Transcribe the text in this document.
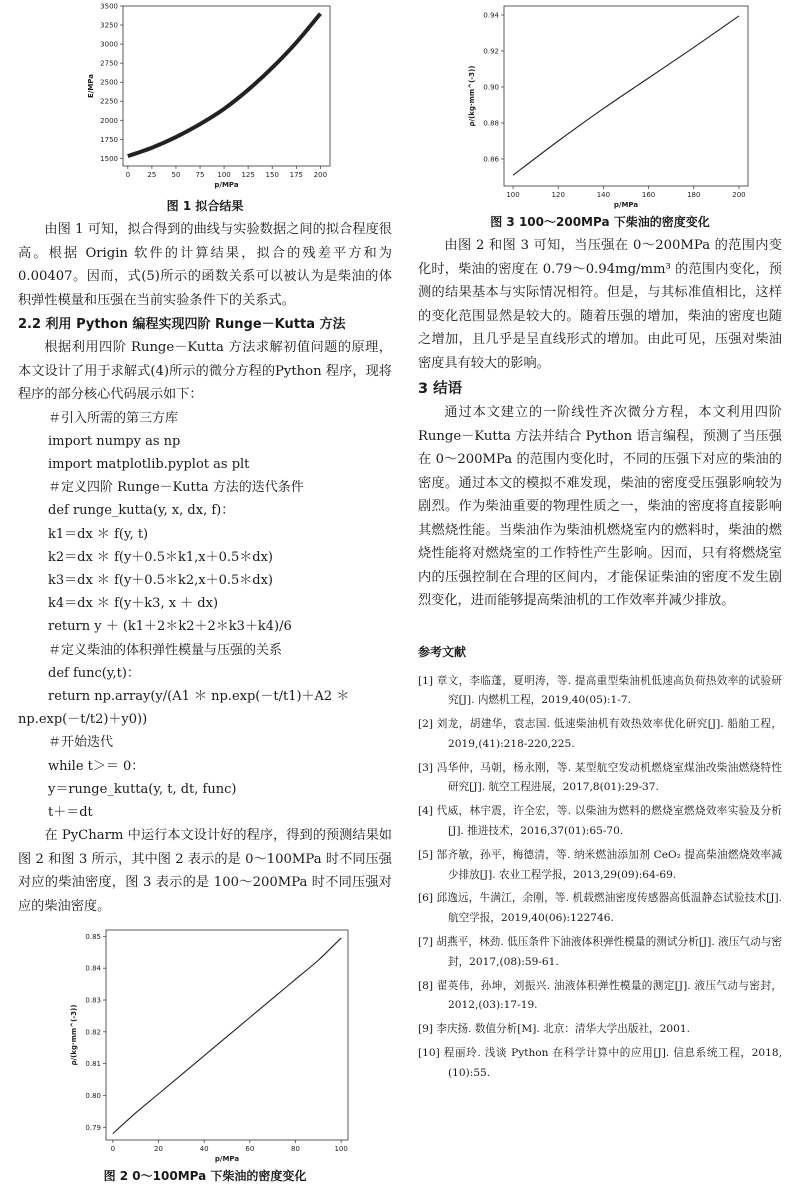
0 25 50 75 100 125 150 175 200
1500
1750
2000
2250
2500
2750
3000
3250
3500
p/MPa
E/MPa
图 1 拟合结果

由图 1 可知，拟合得到的曲线与实验数据之间的拟合程度很高。根据 Origin 软件的计算结果，拟合的残差平方和为 0.00407。因而，式(5)所示的函数关系可以被认为是柴油的体积弹性模量和压强在当前实验条件下的关系式。

2.2 利用 Python 编程实现四阶 Runge－Kutta 方法

根据利用四阶 Runge－Kutta 方法求解初值问题的原理，本文设计了用于求解式(4)所示的微分方程的Python 程序，现将程序的部分核心代码展示如下：

＃引入所需的第三方库
import numpy as np
import matplotlib.pyplot as plt
＃定义四阶 Runge－Kutta 方法的迭代条件
def runge_kutta(y, x, dx, f)：
k1＝dx ＊ f(y, t)
k2＝dx ＊ f(y＋0.5＊k1,x＋0.5＊dx)
k3＝dx ＊ f(y＋0.5＊k2,x＋0.5＊dx)
k4＝dx ＊ f(y＋k3, x ＋ dx)
return y ＋ (k1＋2＊k2＋2＊k3＋k4)/6
＃定义柴油的体积弹性模量与压强的关系
def func(y,t)：
return np.array(y/(A1 ＊ np.exp(－t/t1)＋A2 ＊
np.exp(－t/t2)＋y0))
＃开始迭代
while t＞＝ 0：
y＝runge_kutta(y, t, dt, func)
t＋＝dt

在 PyCharm 中运行本文设计好的程序，得到的预测结果如图 2 和图 3 所示，其中图 2 表示的是 0～100MPa 时不同压强对应的柴油密度，图 3 表示的是 100～200MPa 时不同压强对应的柴油密度。

0	20	40	60	80	100
0.79
0.80
0.81
0.82
0.83
0.84
0.85
p/MPa
ρ/(kg·mm^(-3))
图 2 0～100MPa 下柴油的密度变化
100	120	140	160	180	200
0.86
0.88
0.90
0.92
0.94
p/MPa
ρ/(kg·mm^(-3))
图 3 100～200MPa 下柴油的密度变化

由图 2 和图 3 可知，当压强在 0～200MPa 的范围内变化时，柴油的密度在 0.79～0.94mg/mm³ 的范围内变化，预测的结果基本与实际情况相符。但是，与其标准值相比，这样的变化范围显然是较大的。随着压强的增加，柴油的密度也随之增加，且几乎是呈直线形式的增加。由此可见，压强对柴油密度具有较大的影响。

3 结语

通过本文建立的一阶线性齐次微分方程，本文利用四阶 Runge－Kutta 方法并结合 Python 语言编程，预测了当压强在 0～200MPa 的范围内变化时，不同的压强下对应的柴油的密度。通过本文的模拟不难发现，柴油的密度受压强影响较为剧烈。作为柴油重要的物理性质之一，柴油的密度将直接影响其燃烧性能。当柴油作为柴油机燃烧室内的燃料时，柴油的燃烧性能将对燃烧室的工作特性产生影响。因而，只有将燃烧室内的压强控制在合理的区间内，才能保证柴油的密度不发生剧烈变化，进而能够提高柴油机的工作效率并减少排放。

参考文献
[1] 章文，李临蓬，夏明涛，等. 提高重型柴油机低速高负荷热效率的试验研究[J]. 内燃机工程，2019,40(05):1-7.
[2] 刘龙，胡建华，袁志国. 低速柴油机有效热效率优化研究[J]. 船舶工程，2019,(41):218-220,225.
[3] 冯华仲，马朝，杨永刚，等. 某型航空发动机燃烧室煤油改柴油燃烧特性研究[J]. 航空工程进展，2017,8(01):29-37.
[4] 代威，林宇震，许全宏，等. 以柴油为燃料的燃烧室燃烧效率实验及分析[J]. 推进技术，2016,37(01):65-70.
[5] 郜齐敏，孙平，梅德清，等. 纳米燃油添加剂 CeO₂ 提高柴油燃烧效率减少排放[J]. 农业工程学报，2013,29(09):64-69.
[6] 邱逸远，牛满江，余刚，等. 机载燃油密度传感器高低温静态试验技术[J]. 航空学报，2019,40(06):122746.
[7] 胡燕平，林劲. 低压条件下油液体积弹性模量的测试分析[J]. 液压气动与密封，2017,(08):59-61.
[8] 翟英伟，孙坤，刘振兴. 油液体积弹性模量的测定[J]. 液压气动与密封，2012,(03):17-19.
[9] 李庆扬. 数值分析[M]. 北京：清华大学出版社，2001.
[10] 程丽玲. 浅谈 Python 在科学计算中的应用[J]. 信息系统工程，2018,(10):55.
